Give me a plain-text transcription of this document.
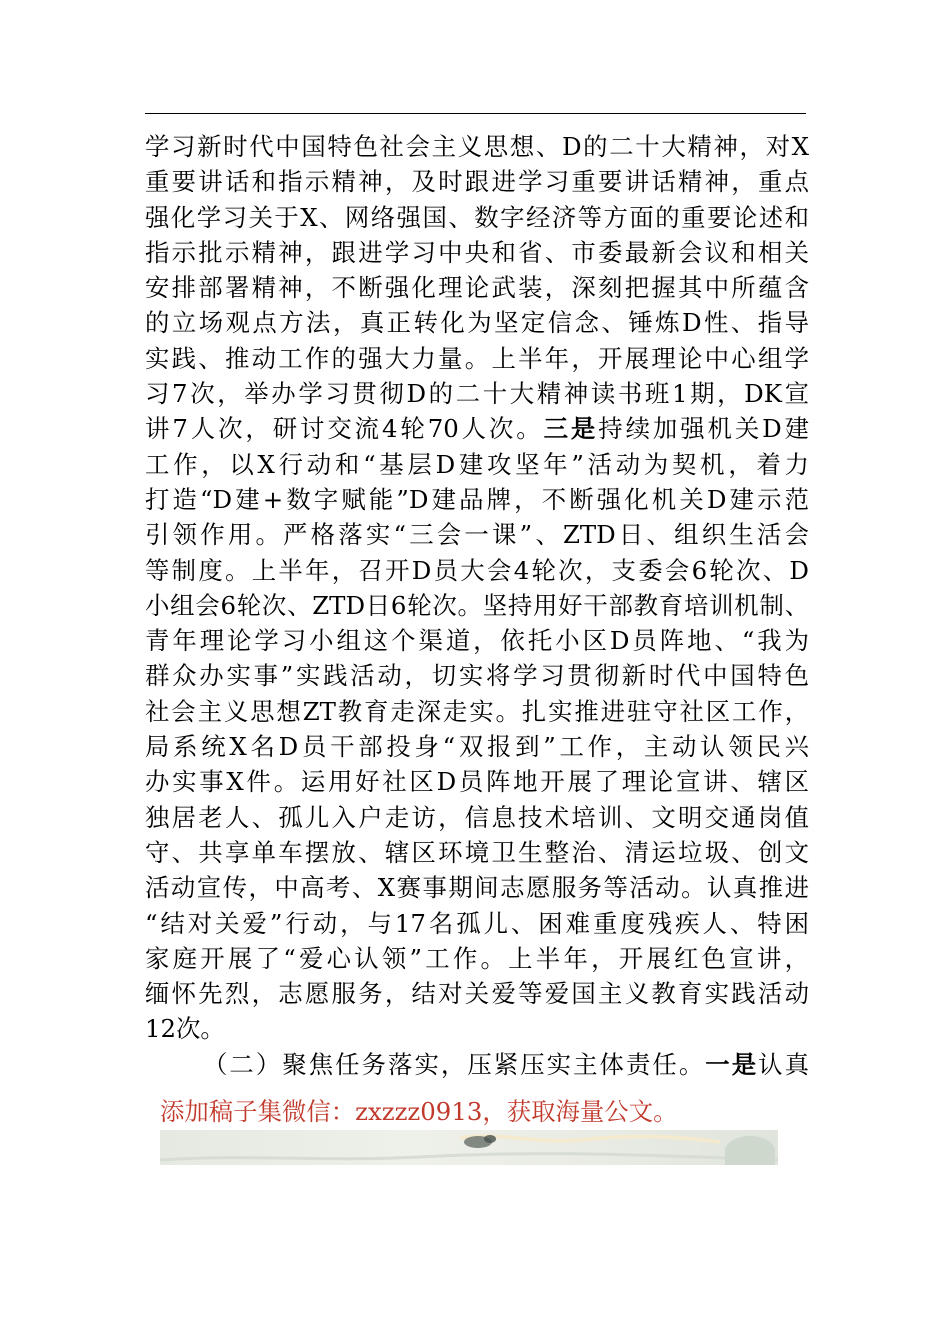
学习新时代中国特色社会主义思想、D的二十大精神，对X
重要讲话和指示精神，及时跟进学习重要讲话精神，重点
强化学习关于X、网络强国、数字经济等方面的重要论述和
指示批示精神，跟进学习中央和省、市委最新会议和相关
安排部署精神，不断强化理论武装，深刻把握其中所蕴含
的立场观点方法，真正转化为坚定信念、锤炼D性、指导
实践、推动工作的强大力量。上半年，开展理论中心组学
习7次，举办学习贯彻D的二十大精神读书班1期，DK宣
讲7人次，研讨交流4轮70人次。三是持续加强机关D建
工作，以X行动和“基层D建攻坚年”活动为契机，着力
打造“D建+数字赋能”D建品牌，不断强化机关D建示范
引领作用。严格落实“三会一课”、ZTD日、组织生活会
等制度。上半年，召开D员大会4轮次，支委会6轮次、D
小组会6轮次、ZTD日6轮次。坚持用好干部教育培训机制、
青年理论学习小组这个渠道，依托小区D员阵地、“我为
群众办实事”实践活动，切实将学习贯彻新时代中国特色
社会主义思想ZT教育走深走实。扎实推进驻守社区工作，
局系统X名D员干部投身“双报到”工作，主动认领民兴
办实事X件。运用好社区D员阵地开展了理论宣讲、辖区
独居老人、孤儿入户走访，信息技术培训、文明交通岗值
守、共享单车摆放、辖区环境卫生整治、清运垃圾、创文
活动宣传，中高考、X赛事期间志愿服务等活动。认真推进
“结对关爱”行动，与17名孤儿、困难重度残疾人、特困
家庭开展了“爱心认领”工作。上半年，开展红色宣讲，
缅怀先烈，志愿服务，结对关爱等爱国主义教育实践活动
12次。
（二）聚焦任务落实，压紧压实主体责任。一是认真
添加稿子集微信：zxzzz0913，获取海量公文。
